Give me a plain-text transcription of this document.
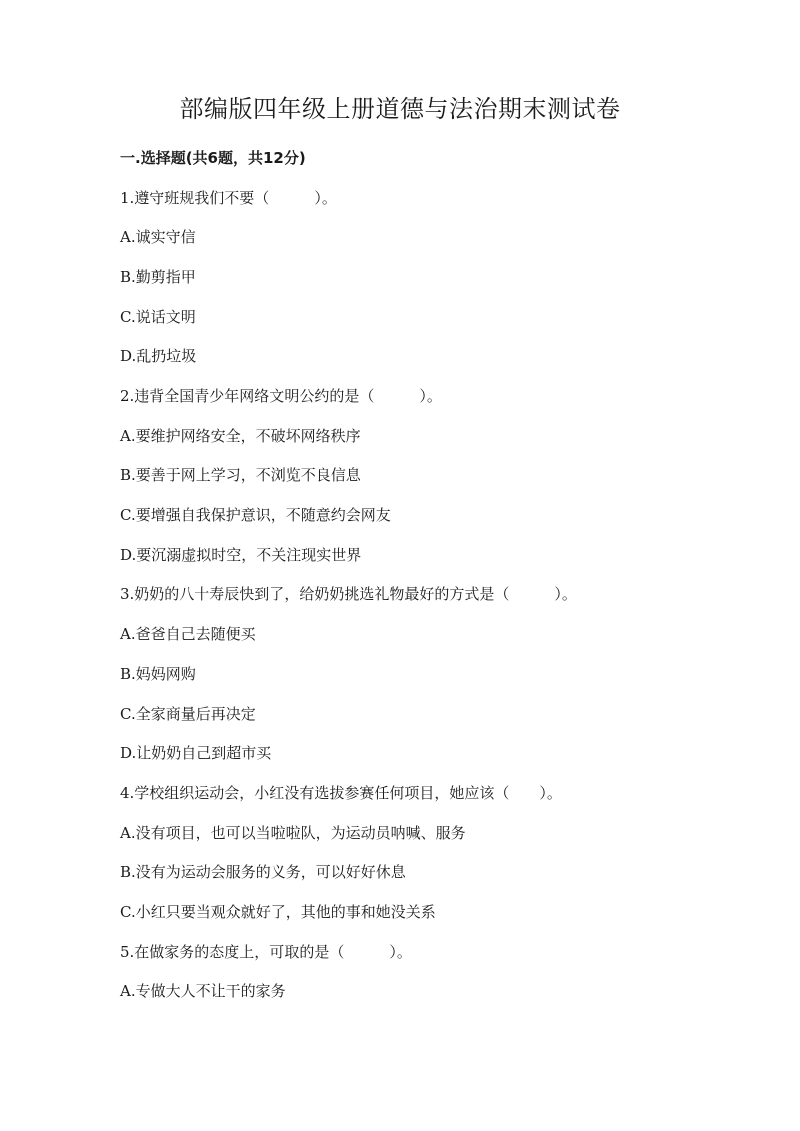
部编版四年级上册道德与法治期末测试卷
一.选择题(共6题，共12分)
1.遵守班规我们不要（　　　）。
A.诚实守信
B.勤剪指甲
C.说话文明
D.乱扔垃圾
2.违背全国青少年网络文明公约的是（　　　）。
A.要维护网络安全，不破坏网络秩序
B.要善于网上学习，不浏览不良信息
C.要增强自我保护意识，不随意约会网友
D.要沉溺虚拟时空，不关注现实世界
3.奶奶的八十寿辰快到了，给奶奶挑选礼物最好的方式是（　　　）。
A.爸爸自己去随便买
B.妈妈网购
C.全家商量后再决定
D.让奶奶自己到超市买
4.学校组织运动会，小红没有选拔参赛任何项目，她应该（　　）。
A.没有项目，也可以当啦啦队，为运动员呐喊、服务
B.没有为运动会服务的义务，可以好好休息
C.小红只要当观众就好了，其他的事和她没关系
5.在做家务的态度上，可取的是（　　　）。
A.专做大人不让干的家务
